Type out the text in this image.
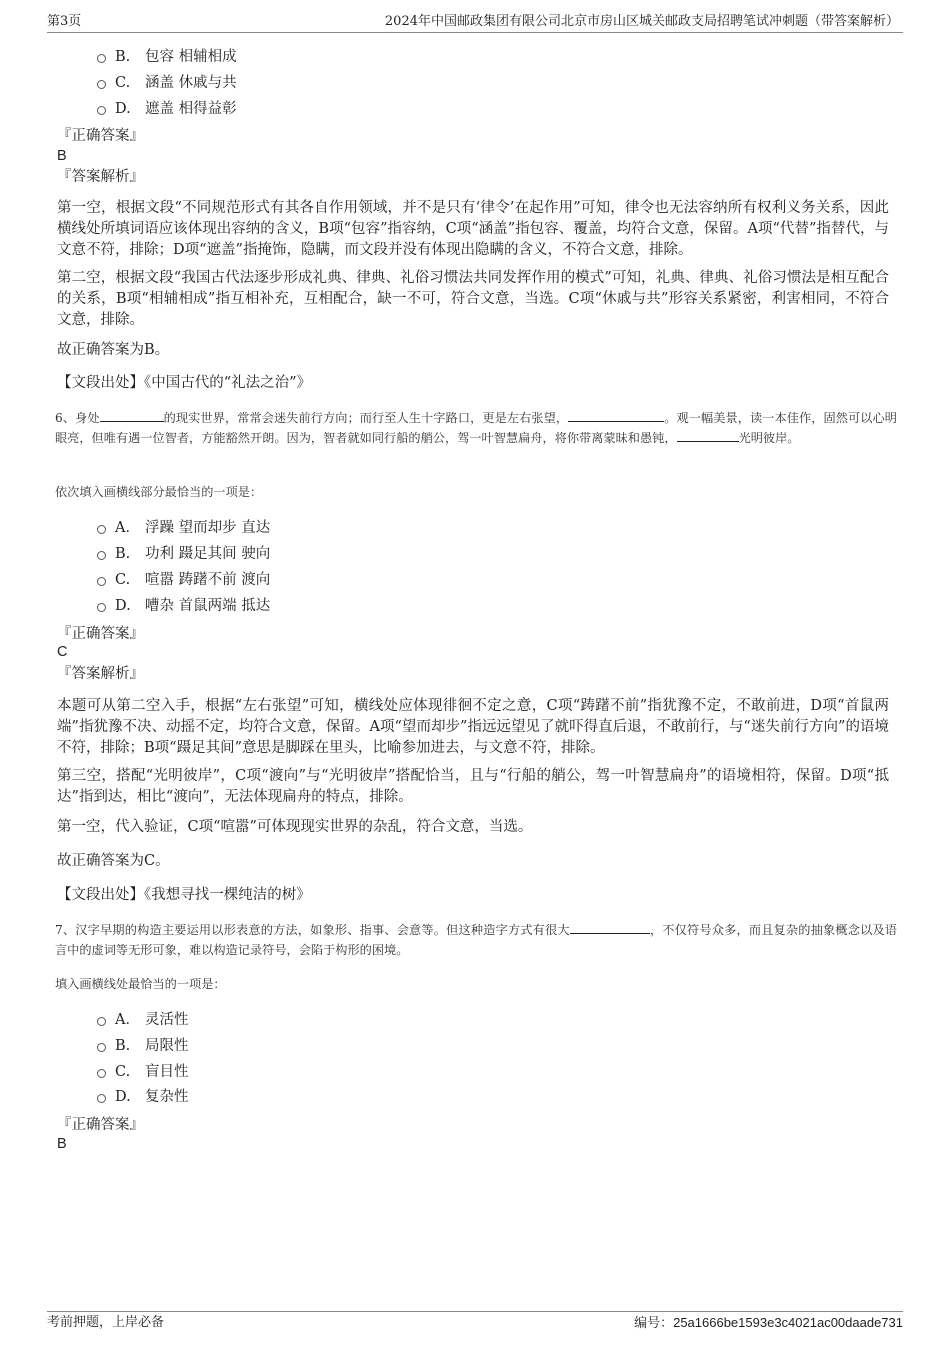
第3页	2024年中国邮政集团有限公司北京市房山区城关邮政支局招聘笔试冲刺题（带答案解析）
B. 包容 相辅相成
C. 涵盖 休戚与共
D. 遮盖 相得益彰
『正确答案』
B
『答案解析』
第一空，根据文段“不同规范形式有其各自作用领域，并不是只有‘律令’在起作用”可知，律令也无法容纳所有权利义务关系，因此横线处所填词语应该体现出容纳的含义，B项“包容”指容纳，C项“涵盖”指包容、覆盖，均符合文意，保留。A项“代替”指替代，与文意不符，排除；D项“遮盖”指掩饰，隐瞒，而文段并没有体现出隐瞒的含义，不符合文意，排除。
第二空，根据文段“我国古代法逐步形成礼典、律典、礼俗习惯法共同发挥作用的模式”可知，礼典、律典、礼俗习惯法是相互配合的关系，B项“相辅相成”指互相补充，互相配合，缺一不可，符合文意，当选。C项“休戚与共”形容关系紧密，利害相同，不符合文意，排除。
故正确答案为B。
【文段出处】《中国古代的“礼法之治”》
6、身处	的现实世界，常常会迷失前行方向；而行至人生十字路口，更是左右张望，	。观一幅美景，读一本佳作，固然可以心明眼亮，但唯有遇一位智者，方能豁然开朗。因为，智者就如同行船的艄公，驾一叶智慧扁舟，将你带离蒙昧和愚钝，	光明彼岸。
依次填入画横线部分最恰当的一项是：
A． 浮躁 望而却步 直达
B. 功利 蹑足其间 驶向
C. 喧嚣 踌躇不前 渡向
D. 嘈杂 首鼠两端 抵达
『正确答案』
C
『答案解析』
本题可从第二空入手，根据“左右张望”可知，横线处应体现徘徊不定之意，C项“踌躇不前”指犹豫不定，不敢前进，D项“首鼠两端”指犹豫不决、动摇不定，均符合文意，保留。A项“望而却步”指远远望见了就吓得直后退，不敢前行，与“迷失前行方向”的语境不符，排除；B项“蹑足其间”意思是脚踩在里头，比喻参加进去，与文意不符，排除。
第三空，搭配“光明彼岸”，C项“渡向”与“光明彼岸”搭配恰当，且与“行船的艄公，驾一叶智慧扁舟”的语境相符，保留。D项“抵达”指到达，相比“渡向”，无法体现扁舟的特点，排除。
第一空，代入验证，C项“喧嚣”可体现现实世界的杂乱，符合文意，当选。
故正确答案为C。
【文段出处】《我想寻找一棵纯洁的树》
7、汉字早期的构造主要运用以形表意的方法，如象形、指事、会意等。但这种造字方式有很大	，不仅符号众多，而且复杂的抽象概念以及语言中的虚词等无形可象，难以构造记录符号，会陷于构形的困境。
填入画横线处最恰当的一项是：
A． 灵活性
B. 局限性
C. 盲目性
D. 复杂性
『正确答案』
B
考前押题，上岸必备	编号：25a1666be1593e3c4021ac00daade731
